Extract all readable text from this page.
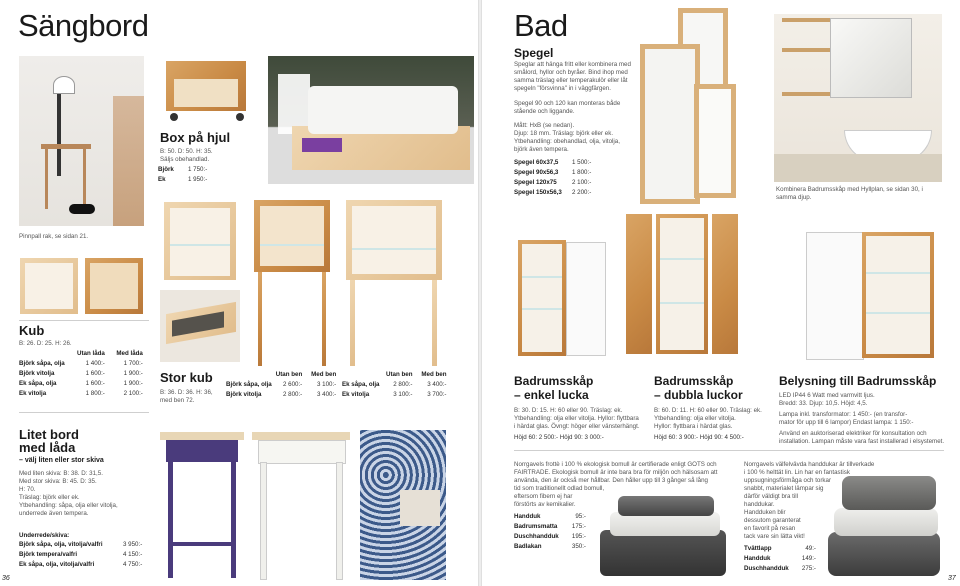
Sängbord
Box på hjul
B: 50. D: 50. H: 35.
Säljs obehandlad.
Björk	1 750:-
Ek	1 950:-
Pinnpall rak, se sidan 21.
Kub
B: 26. D: 25. H: 26.
	Utan låda	Med låda
Björk såpa, olja	1 400:-	1 700:-
Björk vitolja	1 600:-	1 900:-
Ek såpa, olja	1 600:-	1 900:-
Ek vitolja	1 800:-	2 100:-
Stor kub
B: 36. D: 36. H: 36,
med ben 72.
	Utan ben	Med ben
Björk såpa, olja	2 600:-	3 100:-
Björk vitolja	2 800:-	3 400:-
	Utan ben	Med ben
Ek såpa, olja	2 800:-	3 400:-
Ek vitolja	3 100:-	3 700:-
Litet bord
med låda
– välj liten eller stor skiva
Med liten skiva: B: 38. D: 31,5.
Med stor skiva: B: 45. D: 35.
H: 70.
Träslag: björk eller ek.
Ytbehandling: såpa, olja eller vitolja,
underrede även tempera.
Underrede/skiva:
Björk såpa, olja, vitolja/valfri	3 950:-
Björk tempera/valfri	4 150:-
Ek såpa, olja, vitolja/valfri	4 750:-
36
Bad
Spegel
Speglar att hänga fritt eller kombinera med smålord, hyllor och byråer. Bind ihop med samma träslag eller temperakulör eller låt spegeln "försvinna" in i väggfärgen.
Spegel 90 och 120 kan monteras både stående och liggande.
Mått: HxB (se nedan).
Djup: 18 mm. Träslag: björk eller ek.
Ytbehandling: obehandlad, olja, vitolja,
björk även tempera.
Spegel 60x37,5	1 500:-
Spegel 90x56,3	1 800:-
Spegel 120x75	2 100:-
Spegel 150x56,3	2 200:-	Kombinera Badrumsskåp med Hyllplan, se sidan 30, i samma djup.
Badrumsskåp
– enkel lucka
B: 30. D: 15. H: 60 eller 90. Träslag: ek.
Ytbehandling: olja eller vitolja. Hyllor: flyttbara
i härdat glas. Övngt: höger eller vänsterhängt.
Höjd 60: 2 500:- Höjd 90: 3 000:-
Badrumsskåp
– dubbla luckor
B: 60. D: 11. H: 60 eller 90. Träslag: ek.
Ytbehandling: olja eller vitolja.
Hyllor: flyttbara i härdat glas.
Höjd 60: 3 900:- Höjd 90: 4 500:-
Belysning till Badrumsskåp
LED IP44 6 Watt med varmvitt ljus.
Bredd: 33. Djup: 10,5. Höjd: 4,5.
Lampa inkl. transformator: 1 450:- (en transfor-
mator för upp till 6 lampor) Endast lampa: 1 150:-
Använd en auktoriserad elektriker för konsultation och
installation. Lampan måste vara fast installerad i elsystemet.
Norrgavels frottè i 100 % ekologisk bomull är certifierade enligt GOTS och
FAIRTRADE. Ekologisk bomull är inte bara bra för miljön och hälsosam att
använda, den är också mer hållbar. Den håller upp till 3 gånger så lång
tid som traditionellt odlad bomull,
eftersom fibern ej har
förstörts av kemikalier.
Handduk	95:-
Badrumsmatta	175:-
Duschhandduk	195:-
Badlakan	350:-
Norrgavels välfelvävda handdukar är tillverkade
i 100 % helttät lin. Lin har en fantastisk
uppsugningsförmåga och torkar
snabbt, materialet lämpar sig
därför väldigt bra till
handdukar.
Handduken blir
dessutom garanterat
en favorit på resan
tack vare sin lätta vikt!
Tvättlapp	49:-
Handduk	149:-
Duschhandduk	275:-
37
